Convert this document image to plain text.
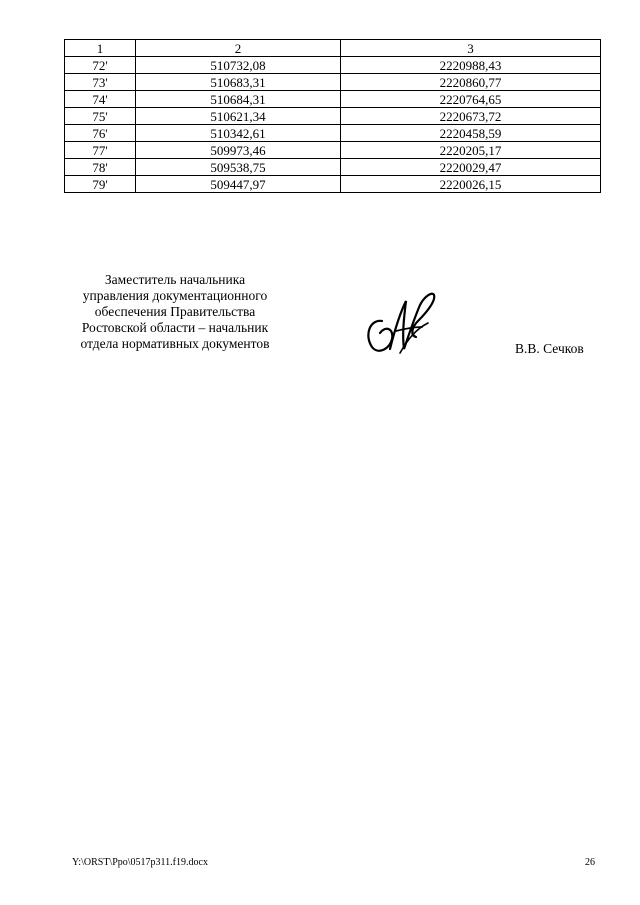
1	2	3
72'	510732,08	2220988,43
73'	510683,31	2220860,77
74'	510684,31	2220764,65
75'	510621,34	2220673,72
76'	510342,61	2220458,59
77'	509973,46	2220205,17
78'	509538,75	2220029,47
79'	509447,97	2220026,15
Заместитель начальника
управления документационного
обеспечения Правительства
Ростовской области – начальник
отдела нормативных документов	В.В. Сечков
Y:\ORST\Ppo\0517p311.f19.docx	26
